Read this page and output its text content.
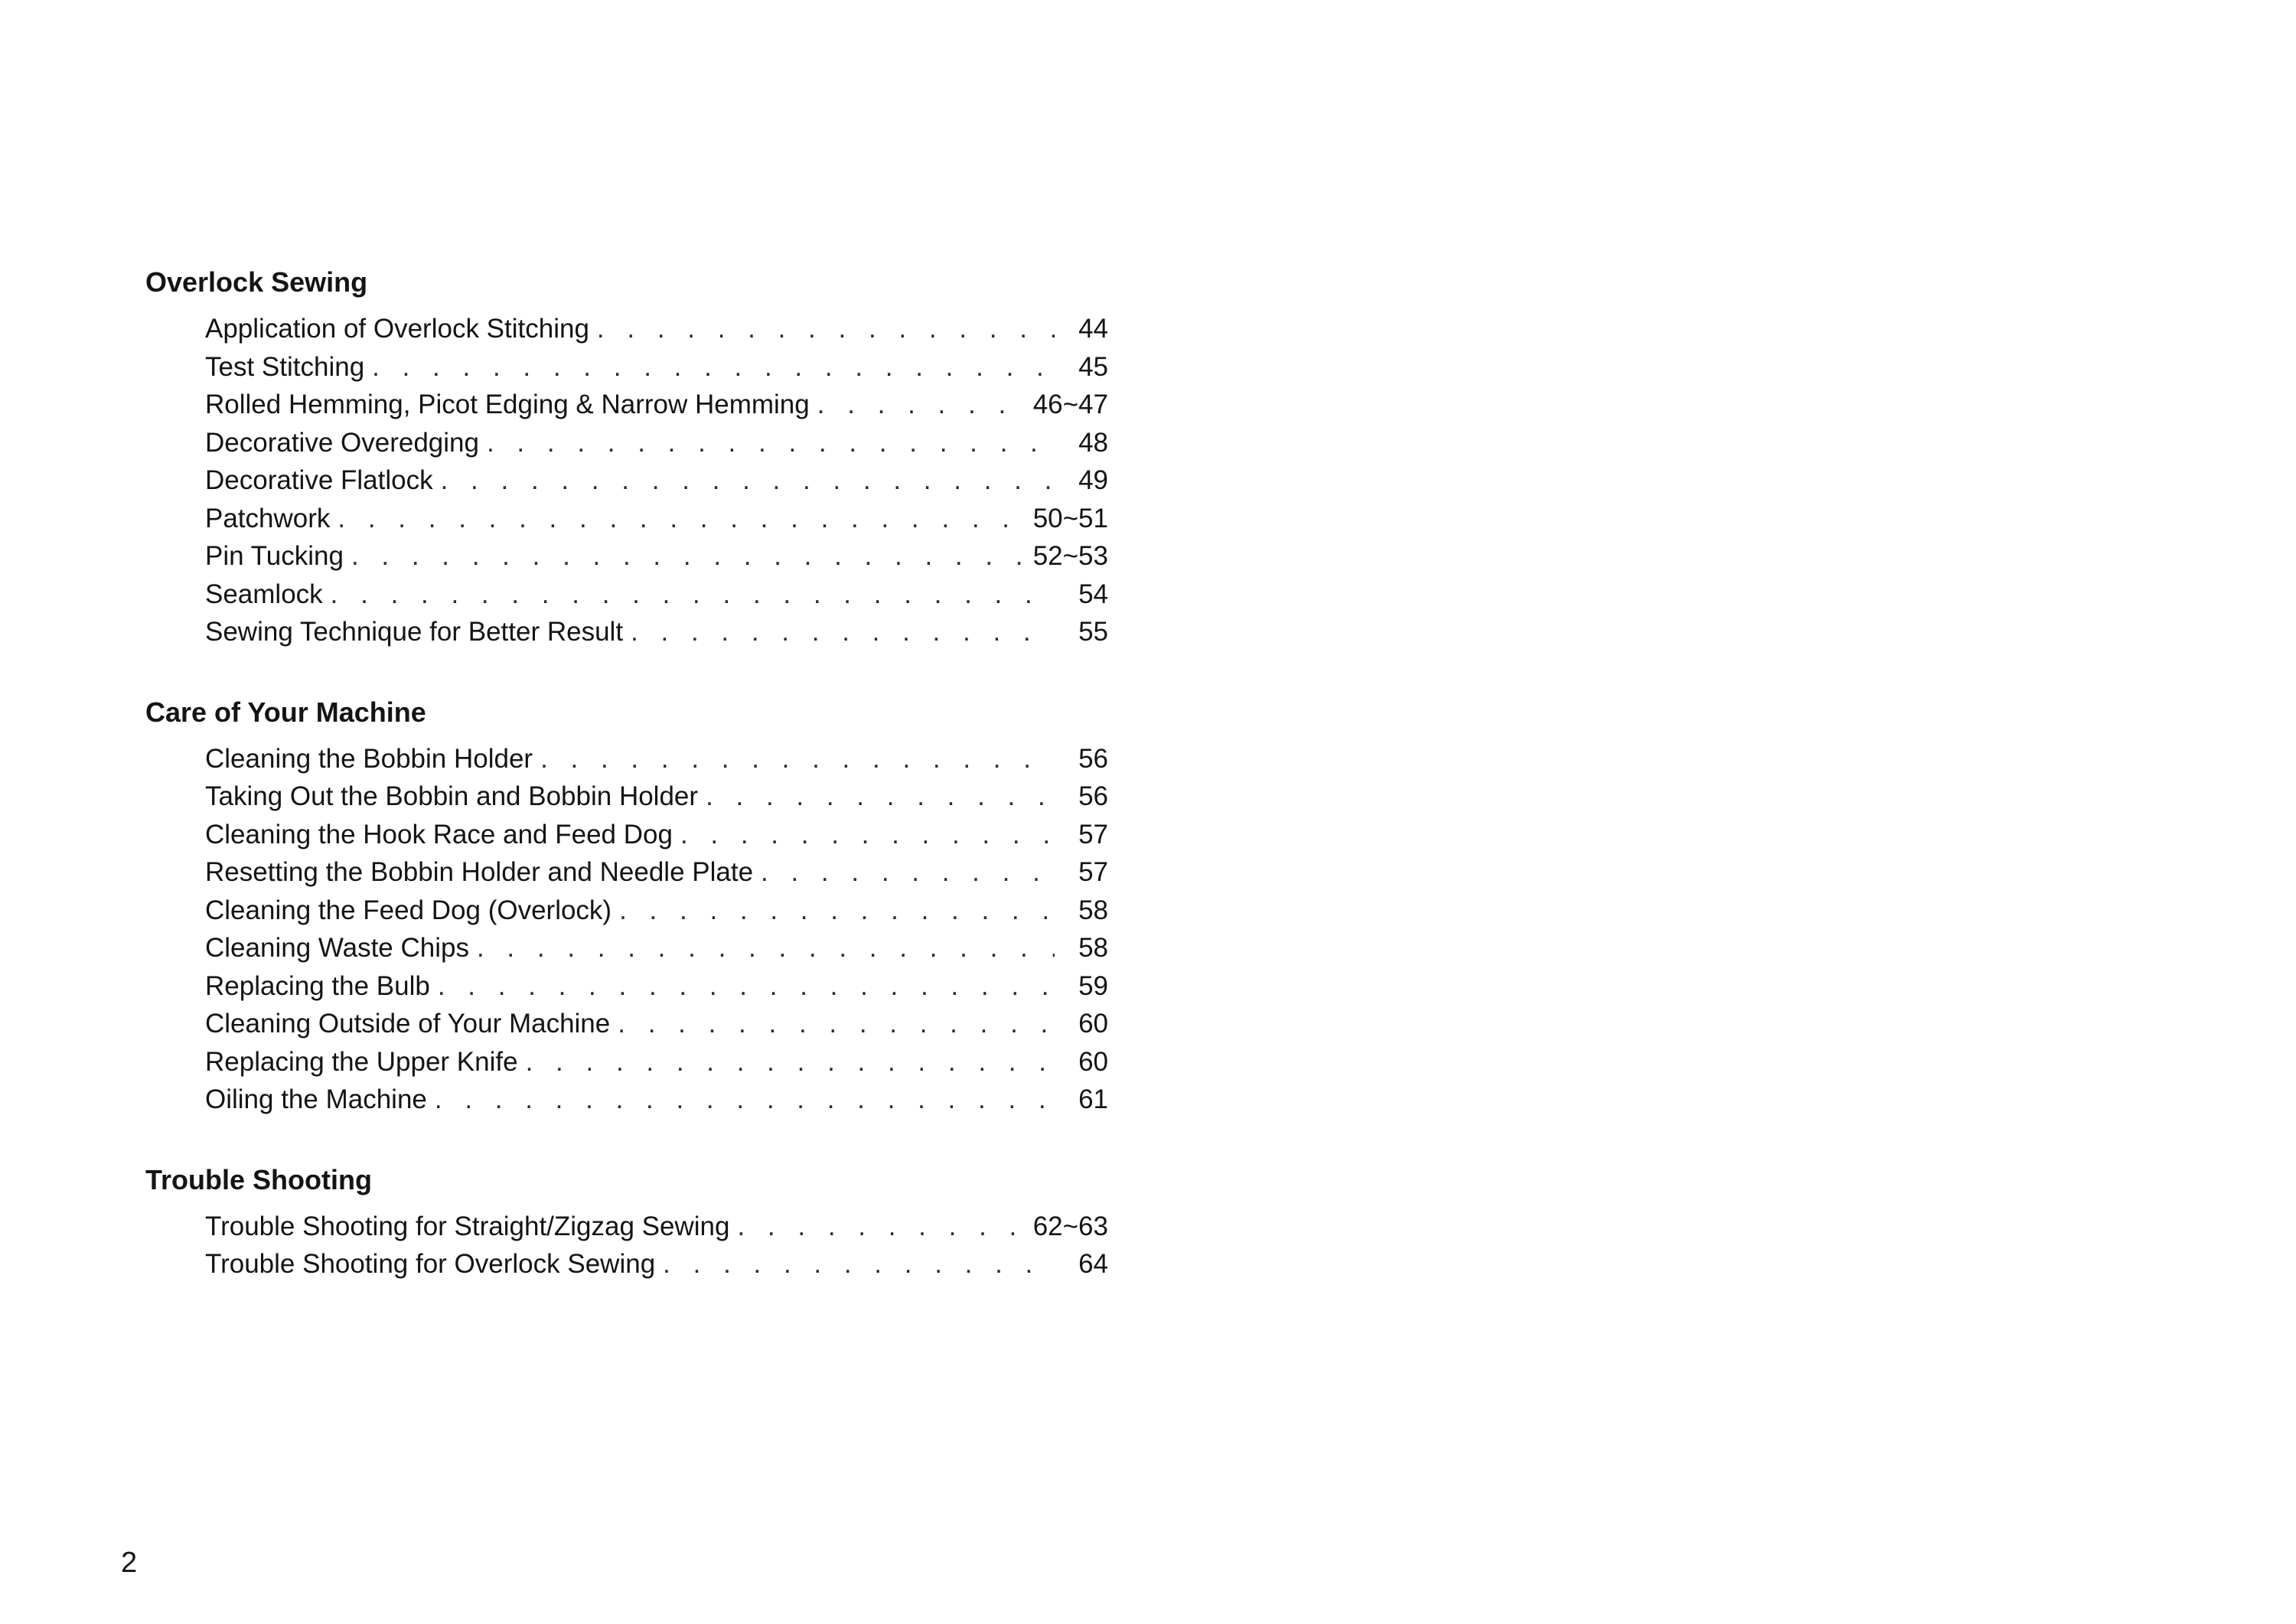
Overlock Sewing
Application of Overlock Stitching . . .	44
Test Stitching . . .	45
Rolled Hemming, Picot Edging & Narrow Hemming . . .	46~47
Decorative Overedging . . .	48
Decorative Flatlock . . .	49
Patchwork . . .	50~51
Pin Tucking . . .	52~53
Seamlock . . .	54
Sewing Technique for Better Result . . .	55
Care of Your Machine
Cleaning the Bobbin Holder . . .	56
Taking Out the Bobbin and Bobbin Holder . . .	56
Cleaning the Hook Race and Feed Dog . . .	57
Resetting the Bobbin Holder and Needle Plate . . .	57
Cleaning the Feed Dog (Overlock) . . .	58
Cleaning Waste Chips . . .	58
Replacing the Bulb . . .	59
Cleaning Outside of Your Machine . . .	60
Replacing the Upper Knife . . .	60
Oiling the Machine . . .	61
Trouble Shooting
Trouble Shooting for Straight/Zigzag Sewing . . .	62~63
Trouble Shooting for Overlock Sewing . . .	64
2
